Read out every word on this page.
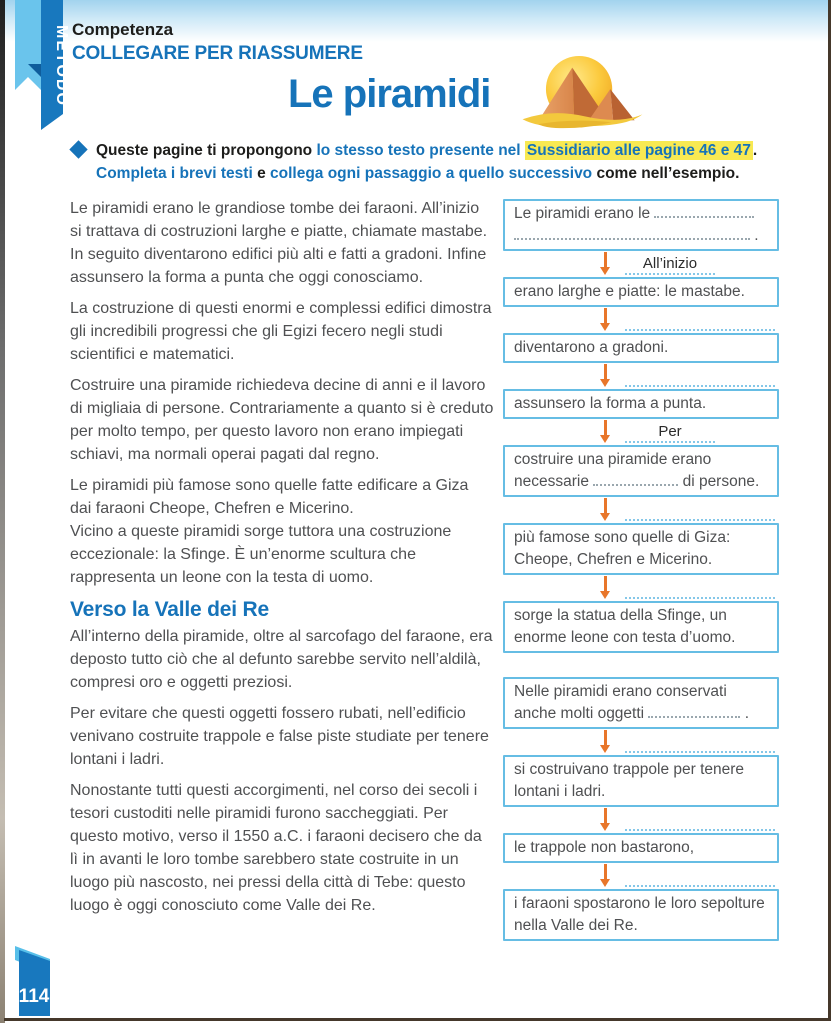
METODO Competenza
COLLEGARE PER RIASSUMERE
Le piramidi
Queste pagine ti propongono lo stesso testo presente nel Sussidiario alle pagine 46 e 47 . Completa i brevi testi e collega ogni passaggio a quello successivo come nell’esempio.

Le piramidi erano le grandiose tombe dei faraoni. All’inizio si trattava di costruzioni larghe e piatte, chiamate mastabe. In seguito diventarono edifici più alti e fatti a gradoni. Infine assunsero la forma a punta che oggi conosciamo.

La costruzione di questi enormi e complessi edifici dimostra gli incredibili progressi che gli Egizi fecero negli studi scientifici e matematici.

Costruire una piramide richiedeva decine di anni e il lavoro di migliaia di persone. Contrariamente a quanto si è creduto per molto tempo, per questo lavoro non erano impiegati schiavi, ma normali operai pagati dal regno.

Le piramidi più famose sono quelle fatte edificare a Giza dai faraoni Cheope, Chefren e Micerino.

Vicino a queste piramidi sorge tuttora una costruzione eccezionale: la Sfinge. È un’enorme scultura che rappresenta un leone con la testa di uomo.

Verso la Valle dei Re

All’interno della piramide, oltre al sarcofago del faraone, era deposto tutto ciò che al defunto sarebbe servito nell’aldilà, compresi oro e oggetti preziosi.

Per evitare che questi oggetti fossero rubati, nell’edificio venivano costruite trappole e false piste studiate per tenere lontani i ladri.

Nonostante tutti questi accorgimenti, nel corso dei secoli i tesori custoditi nelle piramidi furono saccheggiati. Per questo motivo, verso il 1550 a.C. i faraoni decisero che da lì in avanti le loro tombe sarebbero state costruite in un luogo più nascosto, nei pressi della città di Tebe: questo luogo è oggi conosciuto come Valle dei Re.

Le piramidi erano le  .
All’inizio
erano larghe e piatte: le mastabe.
diventarono a gradoni.
assunsero la forma a punta.
Per
costruire una piramide erano necessarie	di persone.
più famose sono quelle di Giza: Cheope, Chefren e Micerino.
sorge la statua della Sfinge, un enorme leone con testa d’uomo.
Nelle piramidi erano conservati anche molti oggetti	.
si costruivano trappole per tenere lontani i ladri.
le trappole non bastarono,
i faraoni spostarono le loro sepolture nella Valle dei Re.
114
